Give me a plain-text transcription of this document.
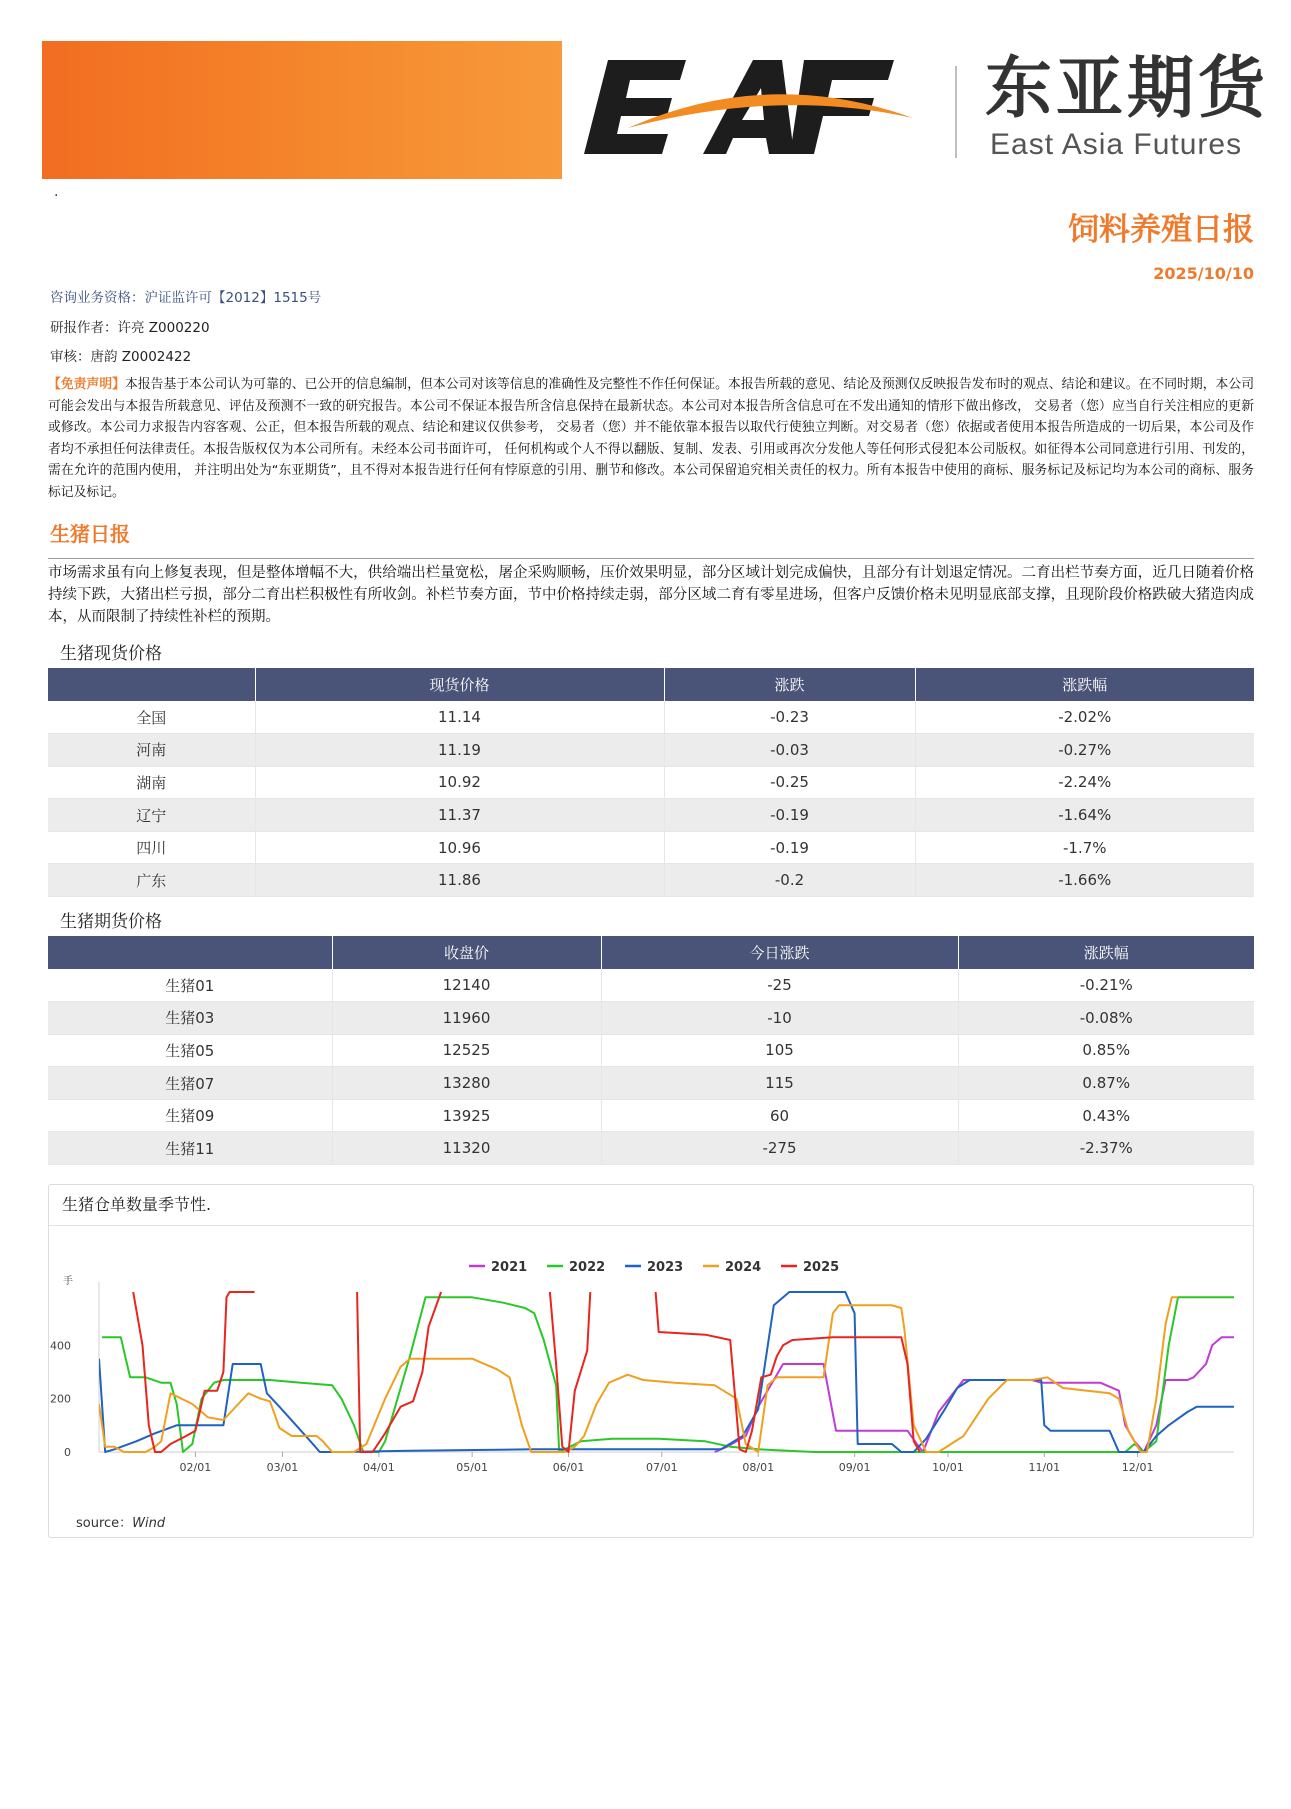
东亚期货
East Asia Futures
.
饲料养殖日报
2025/10/10
咨询业务资格：沪证监许可【2012】1515号
研报作者：许亮 Z000220
审核：唐韵 Z0002422
【免责声明】本报告基于本公司认为可靠的、已公开的信息编制，但本公司对该等信息的准确性及完整性不作任何保证。本报告所载的意见、结论及预测仅反映报告发布时的观点、结论和建议。在不同时期，本公司可能会发出与本报告所载意见、评估及预测不一致的研究报告。本公司不保证本报告所含信息保持在最新状态。本公司对本报告所含信息可在不发出通知的情形下做出修改， 交易者（您）应当自行关注相应的更新或修改。本公司力求报告内容客观、公正，但本报告所载的观点、结论和建议仅供参考， 交易者（您）并不能依靠本报告以取代行使独立判断。对交易者（您）依据或者使用本报告所造成的一切后果，本公司及作者均不承担任何法律责任。本报告版权仅为本公司所有。未经本公司书面许可， 任何机构或个人不得以翻版、复制、发表、引用或再次分发他人等任何形式侵犯本公司版权。如征得本公司同意进行引用、刊发的， 需在允许的范围内使用， 并注明出处为“东亚期货”，且不得对本报告进行任何有悖原意的引用、删节和修改。本公司保留追究相关责任的权力。所有本报告中使用的商标、服务标记及标记均为本公司的商标、服务标记及标记。
生猪日报
市场需求虽有向上修复表现，但是整体增幅不大，供给端出栏量宽松，屠企采购顺畅，压价效果明显，部分区域计划完成偏快，且部分有计划退定情况。二育出栏节奏方面，近几日随着价格持续下跌，大猪出栏亏损，部分二育出栏积极性有所收剑。补栏节奏方面，节中价格持续走弱，部分区域二育有零星进场，但客户反馈价格未见明显底部支撑，且现阶段价格跌破大猪造肉成本，从而限制了持续性补栏的预期。
生猪现货价格
	现货价格	涨跌	涨跌幅
全国	11.14	-0.23	-2.02%
河南	11.19	-0.03	-0.27%
湖南	10.92	-0.25	-2.24%
辽宁	11.37	-0.19	-1.64%
四川	10.96	-0.19	-1.7%
广东	11.86	-0.2	-1.66%
生猪期货价格
	收盘价	今日涨跌	涨跌幅
生猪01	12140	-25	-0.21%
生猪03	11960	-10	-0.08%
生猪05	12525	105	0.85%
生猪07	13280	115	0.87%
生猪09	13925	60	0.43%
生猪11	11320	-275	-2.37%
生猪仓单数量季节性.
手
0
200
400
02/01	03/01	04/01	05/01	06/01	07/01	08/01	09/01	10/01	11/01	12/01
2021	2022	2023	2024	2025
source：Wind
